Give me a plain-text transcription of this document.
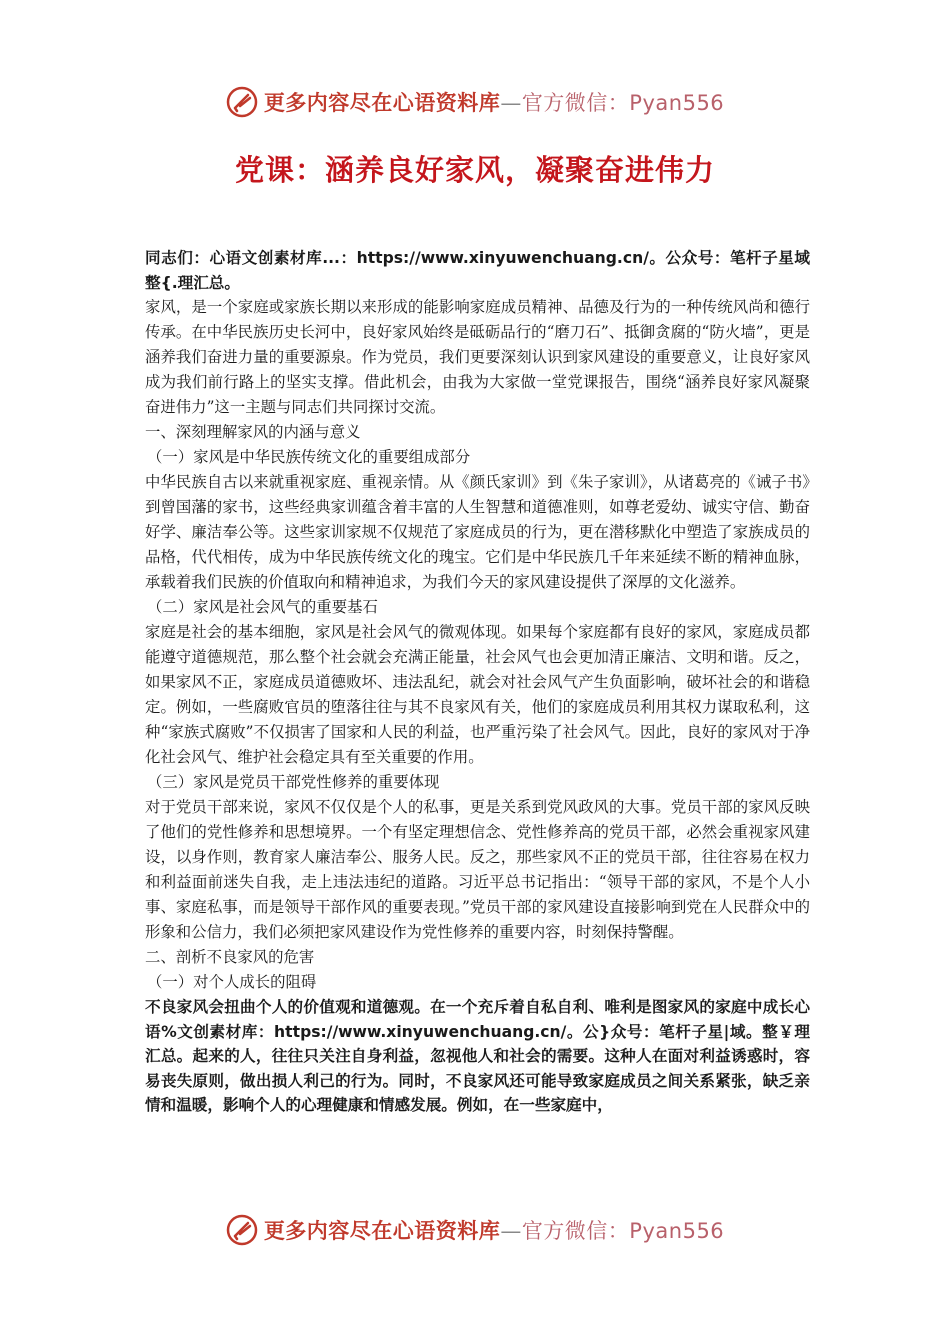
更多内容尽在心语资料库—官方微信：Pyan556
党课：涵养良好家风，凝聚奋进伟力

同志们：心语文创素材库...：https://www.xinyuwenchuang.cn/。公众号：笔杆子星域整{.理汇总。

家风，是一个家庭或家族长期以来形成的能影响家庭成员精神、品德及行为的一种传统风尚和德行传承。在中华民族历史长河中，良好家风始终是砥砺品行的“磨刀石”、抵御贪腐的“防火墙”，更是涵养我们奋进力量的重要源泉。作为党员，我们更要深刻认识到家风建设的重要意义，让良好家风成为我们前行路上的坚实支撑。借此机会，由我为大家做一堂党课报告，围绕“涵养良好家风凝聚奋进伟力”这一主题与同志们共同探讨交流。

一、深刻理解家风的内涵与意义

（一）家风是中华民族传统文化的重要组成部分

中华民族自古以来就重视家庭、重视亲情。从《颜氏家训》到《朱子家训》，从诸葛亮的《诫子书》到曾国藩的家书，这些经典家训蕴含着丰富的人生智慧和道德准则，如尊老爱幼、诚实守信、勤奋好学、廉洁奉公等。这些家训家规不仅规范了家庭成员的行为，更在潜移默化中塑造了家族成员的品格，代代相传，成为中华民族传统文化的瑰宝。它们是中华民族几千年来延续不断的精神血脉，承载着我们民族的价值取向和精神追求，为我们今天的家风建设提供了深厚的文化滋养。

（二）家风是社会风气的重要基石

家庭是社会的基本细胞，家风是社会风气的微观体现。如果每个家庭都有良好的家风，家庭成员都能遵守道德规范，那么整个社会就会充满正能量，社会风气也会更加清正廉洁、文明和谐。反之，如果家风不正，家庭成员道德败坏、违法乱纪，就会对社会风气产生负面影响，破坏社会的和谐稳定。例如，一些腐败官员的堕落往往与其不良家风有关，他们的家庭成员利用其权力谋取私利，这种“家族式腐败”不仅损害了国家和人民的利益，也严重污染了社会风气。因此，良好的家风对于净化社会风气、维护社会稳定具有至关重要的作用。

（三）家风是党员干部党性修养的重要体现

对于党员干部来说，家风不仅仅是个人的私事，更是关系到党风政风的大事。党员干部的家风反映了他们的党性修养和思想境界。一个有坚定理想信念、党性修养高的党员干部，必然会重视家风建设，以身作则，教育家人廉洁奉公、服务人民。反之，那些家风不正的党员干部，往往容易在权力和利益面前迷失自我，走上违法违纪的道路。习近平总书记指出：“领导干部的家风，不是个人小事、家庭私事，而是领导干部作风的重要表现。”党员干部的家风建设直接影响到党在人民群众中的形象和公信力，我们必须把家风建设作为党性修养的重要内容，时刻保持警醒。

二、剖析不良家风的危害

（一）对个人成长的阻碍

不良家风会扭曲个人的价值观和道德观。在一个充斥着自私自利、唯利是图家风的家庭中成长心语%文创素材库：https://www.xinyuwenchuang.cn/。公}众号：笔杆子星|域。整￥理汇总。起来的人，往往只关注自身利益，忽视他人和社会的需要。这种人在面对利益诱惑时，容易丧失原则，做出损人利己的行为。同时，不良家风还可能导致家庭成员之间关系紧张，缺乏亲情和温暖，影响个人的心理健康和情感发展。例如，在一些家庭中，

更多内容尽在心语资料库—官方微信：Pyan556
